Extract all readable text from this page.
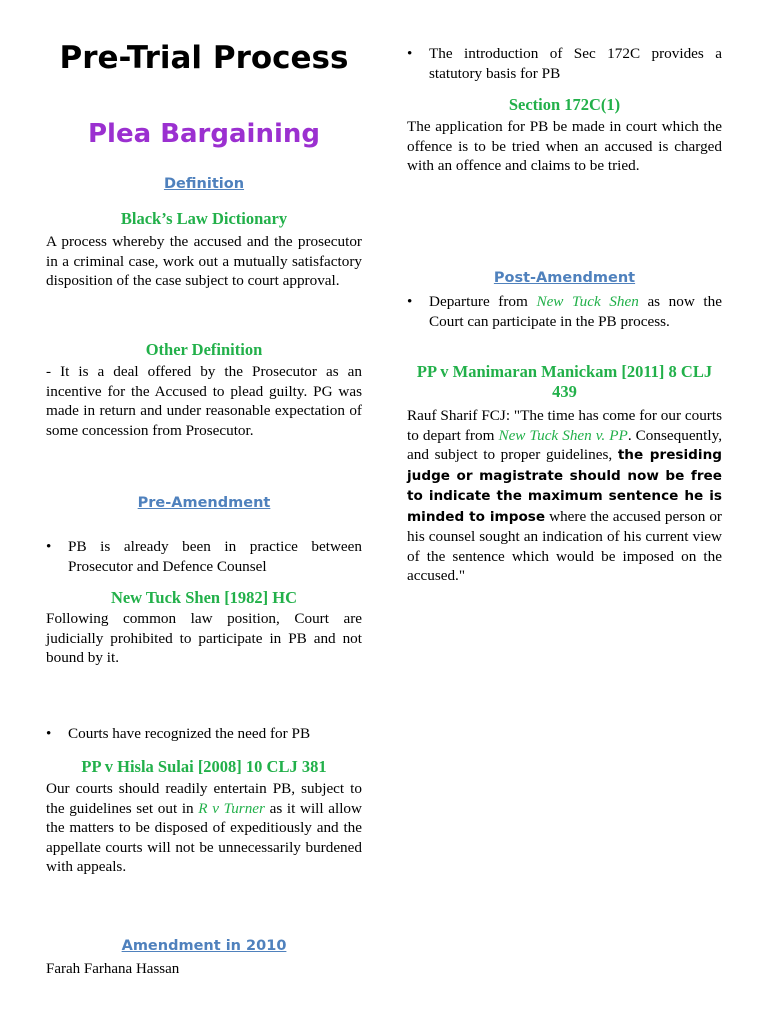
Pre-Trial Process
Plea Bargaining
Definition
Black’s Law Dictionary
A process whereby the accused and the prosecutor in a criminal case, work out a mutually satisfactory disposition of the case subject to court approval.
Other Definition
- It is a deal offered by the Prosecutor as an incentive for the Accused to plead guilty. PG was made in return and under reasonable expectation of some concession from Prosecutor.
Pre-Amendment
• PB is already been in practice between Prosecutor and Defence Counsel
New Tuck Shen [1982] HC
Following common law position, Court are judicially prohibited to participate in PB and not bound by it.
• Courts have recognized the need for PB
PP v Hisla Sulai [2008] 10 CLJ 381
Our courts should readily entertain PB, subject to the guidelines set out in R v Turner as it will allow the matters to be disposed of expeditiously and the appellate courts will not be unnecessarily burdened with appeals.
Amendment in 2010
Farah Farhana Hassan
• The introduction of Sec 172C provides a statutory basis for PB
Section 172C(1)
The application for PB be made in court which the offence is to be tried when an accused is charged with an offence and claims to be tried.
Post-Amendment
• Departure from New Tuck Shen as now the Court can participate in the PB process.
PP v Manimaran Manickam [2011] 8 CLJ 439
Rauf Sharif FCJ: "The time has come for our courts to depart from New Tuck Shen v. PP. Consequently, and subject to proper guidelines, the presiding judge or magistrate should now be free to indicate the maximum sentence he is minded to impose where the accused person or his counsel sought an indication of his current view of the sentence which would be imposed on the accused."
